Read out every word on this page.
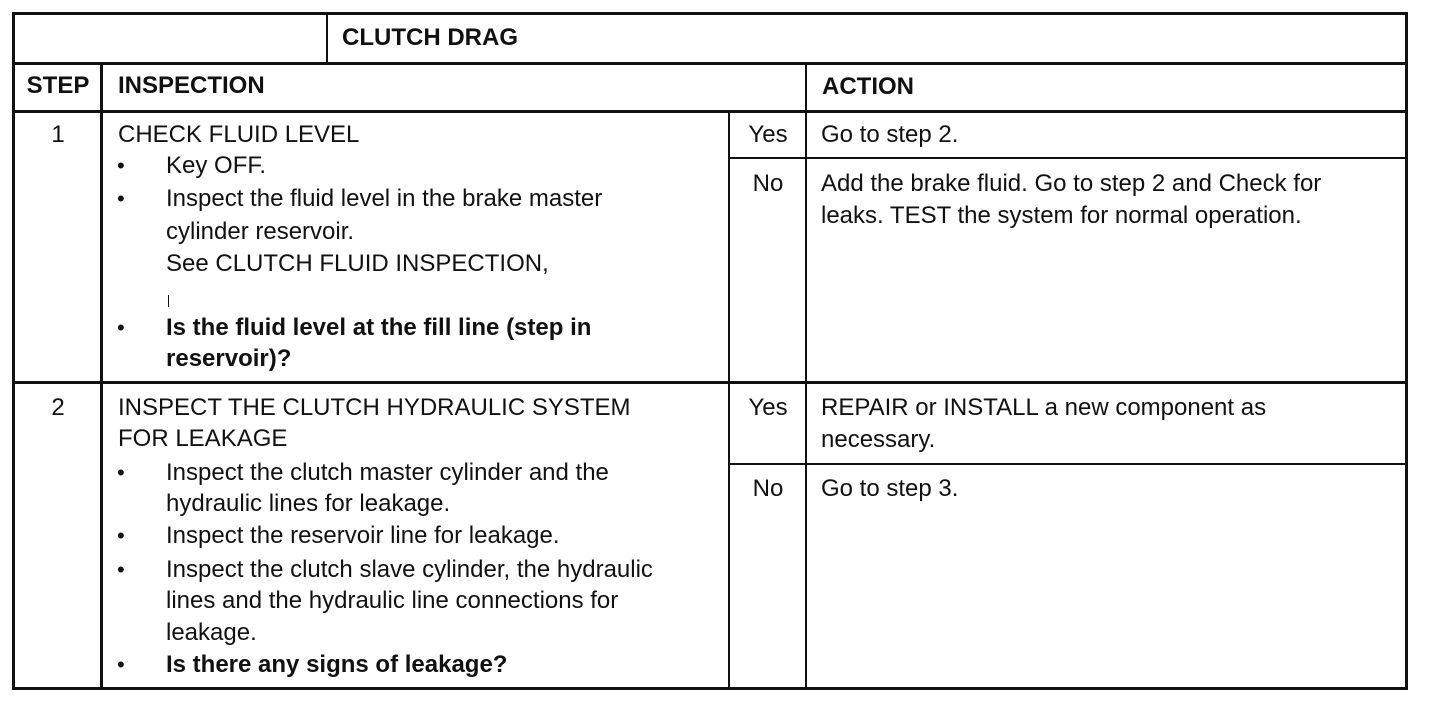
CLUTCH DRAG
STEP	INSPECTION	ACTION
1	CHECK FLUID LEVEL
• Key OFF.
• Inspect the fluid level in the brake master
cylinder reservoir.
See CLUTCH FLUID INSPECTION,
• Is the fluid level at the fill line (step in
reservoir)?
Yes	Go to step 2.
No	Add the brake fluid. Go to step 2 and Check for
leaks. TEST the system for normal operation.
2	INSPECT THE CLUTCH HYDRAULIC SYSTEM
FOR LEAKAGE
• Inspect the clutch master cylinder and the
hydraulic lines for leakage.
• Inspect the reservoir line for leakage.
• Inspect the clutch slave cylinder, the hydraulic
lines and the hydraulic line connections for
leakage.
• Is there any signs of leakage?
Yes	REPAIR or INSTALL a new component as
necessary.
No	Go to step 3.
